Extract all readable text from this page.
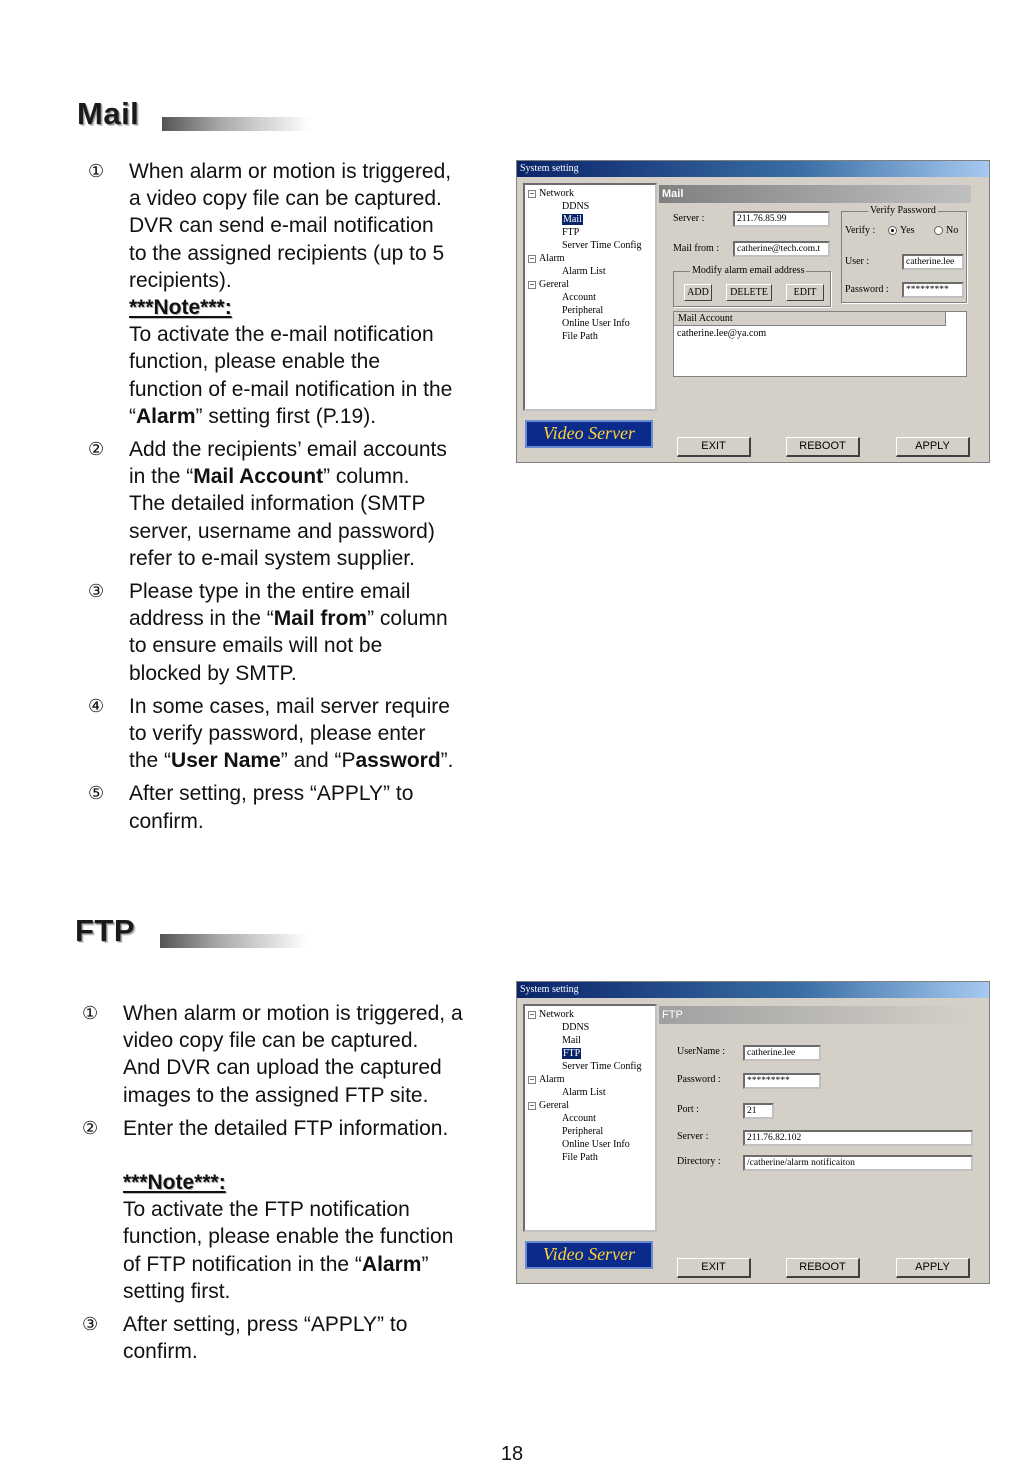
Mail
① When alarm or motion is triggered,
a video copy file can be captured.
DVR can send e-mail notification
to the assigned recipients (up to 5
recipients).
***Note***:
To activate the e-mail notification
function, please enable the
function of e-mail notification in the
“Alarm” setting first (P.19).
② Add the recipients’ email accounts
in the “Mail Account” column.
The detailed information (SMTP
server, username and password)
refer to e-mail system supplier.
③ Please type in the entire email
address in the “Mail from” column
to ensure emails will not be
blocked by SMTP.
④ In some cases, mail server require
to verify password, please enter
the “User Name” and “Password”.
⑤ After setting, press “APPLY” to
confirm.
System setting
− Network
DDNS
Mail
FTP
Server Time Config
− Alarm
Alarm List
− Gereral
Account
Peripheral
Online User Info
File Path
Video Server
Mail
Server :	211.76.85.99
Mail from :	catherine@tech.com.t
Modify alarm email address
ADD	DELETE	EDIT
Verify Password
Verify :	Yes	No
User :	catherine.lee
Password :	*********
Mail Account
catherine.lee@ya.com
EXIT	REBOOT	APPLY
FTP
① When alarm or motion is triggered, a
video copy file can be captured.
And DVR can upload the captured
images to the assigned FTP site.
② Enter the detailed FTP information.
***Note***:
To activate the FTP notification
function, please enable the function
of FTP notification in the “Alarm”
setting first.
③ After setting, press “APPLY” to
confirm.
System setting
− Network
DDNS
Mail
FTP
Server Time Config
− Alarm
Alarm List
− Gereral
Account
Peripheral
Online User Info
File Path
Video Server
FTP
UserName :	catherine.lee
Password :	*********
Port :	21
Server :	211.76.82.102
Directory :	/catherine/alarm notificaiton
EXIT	REBOOT	APPLY
18
